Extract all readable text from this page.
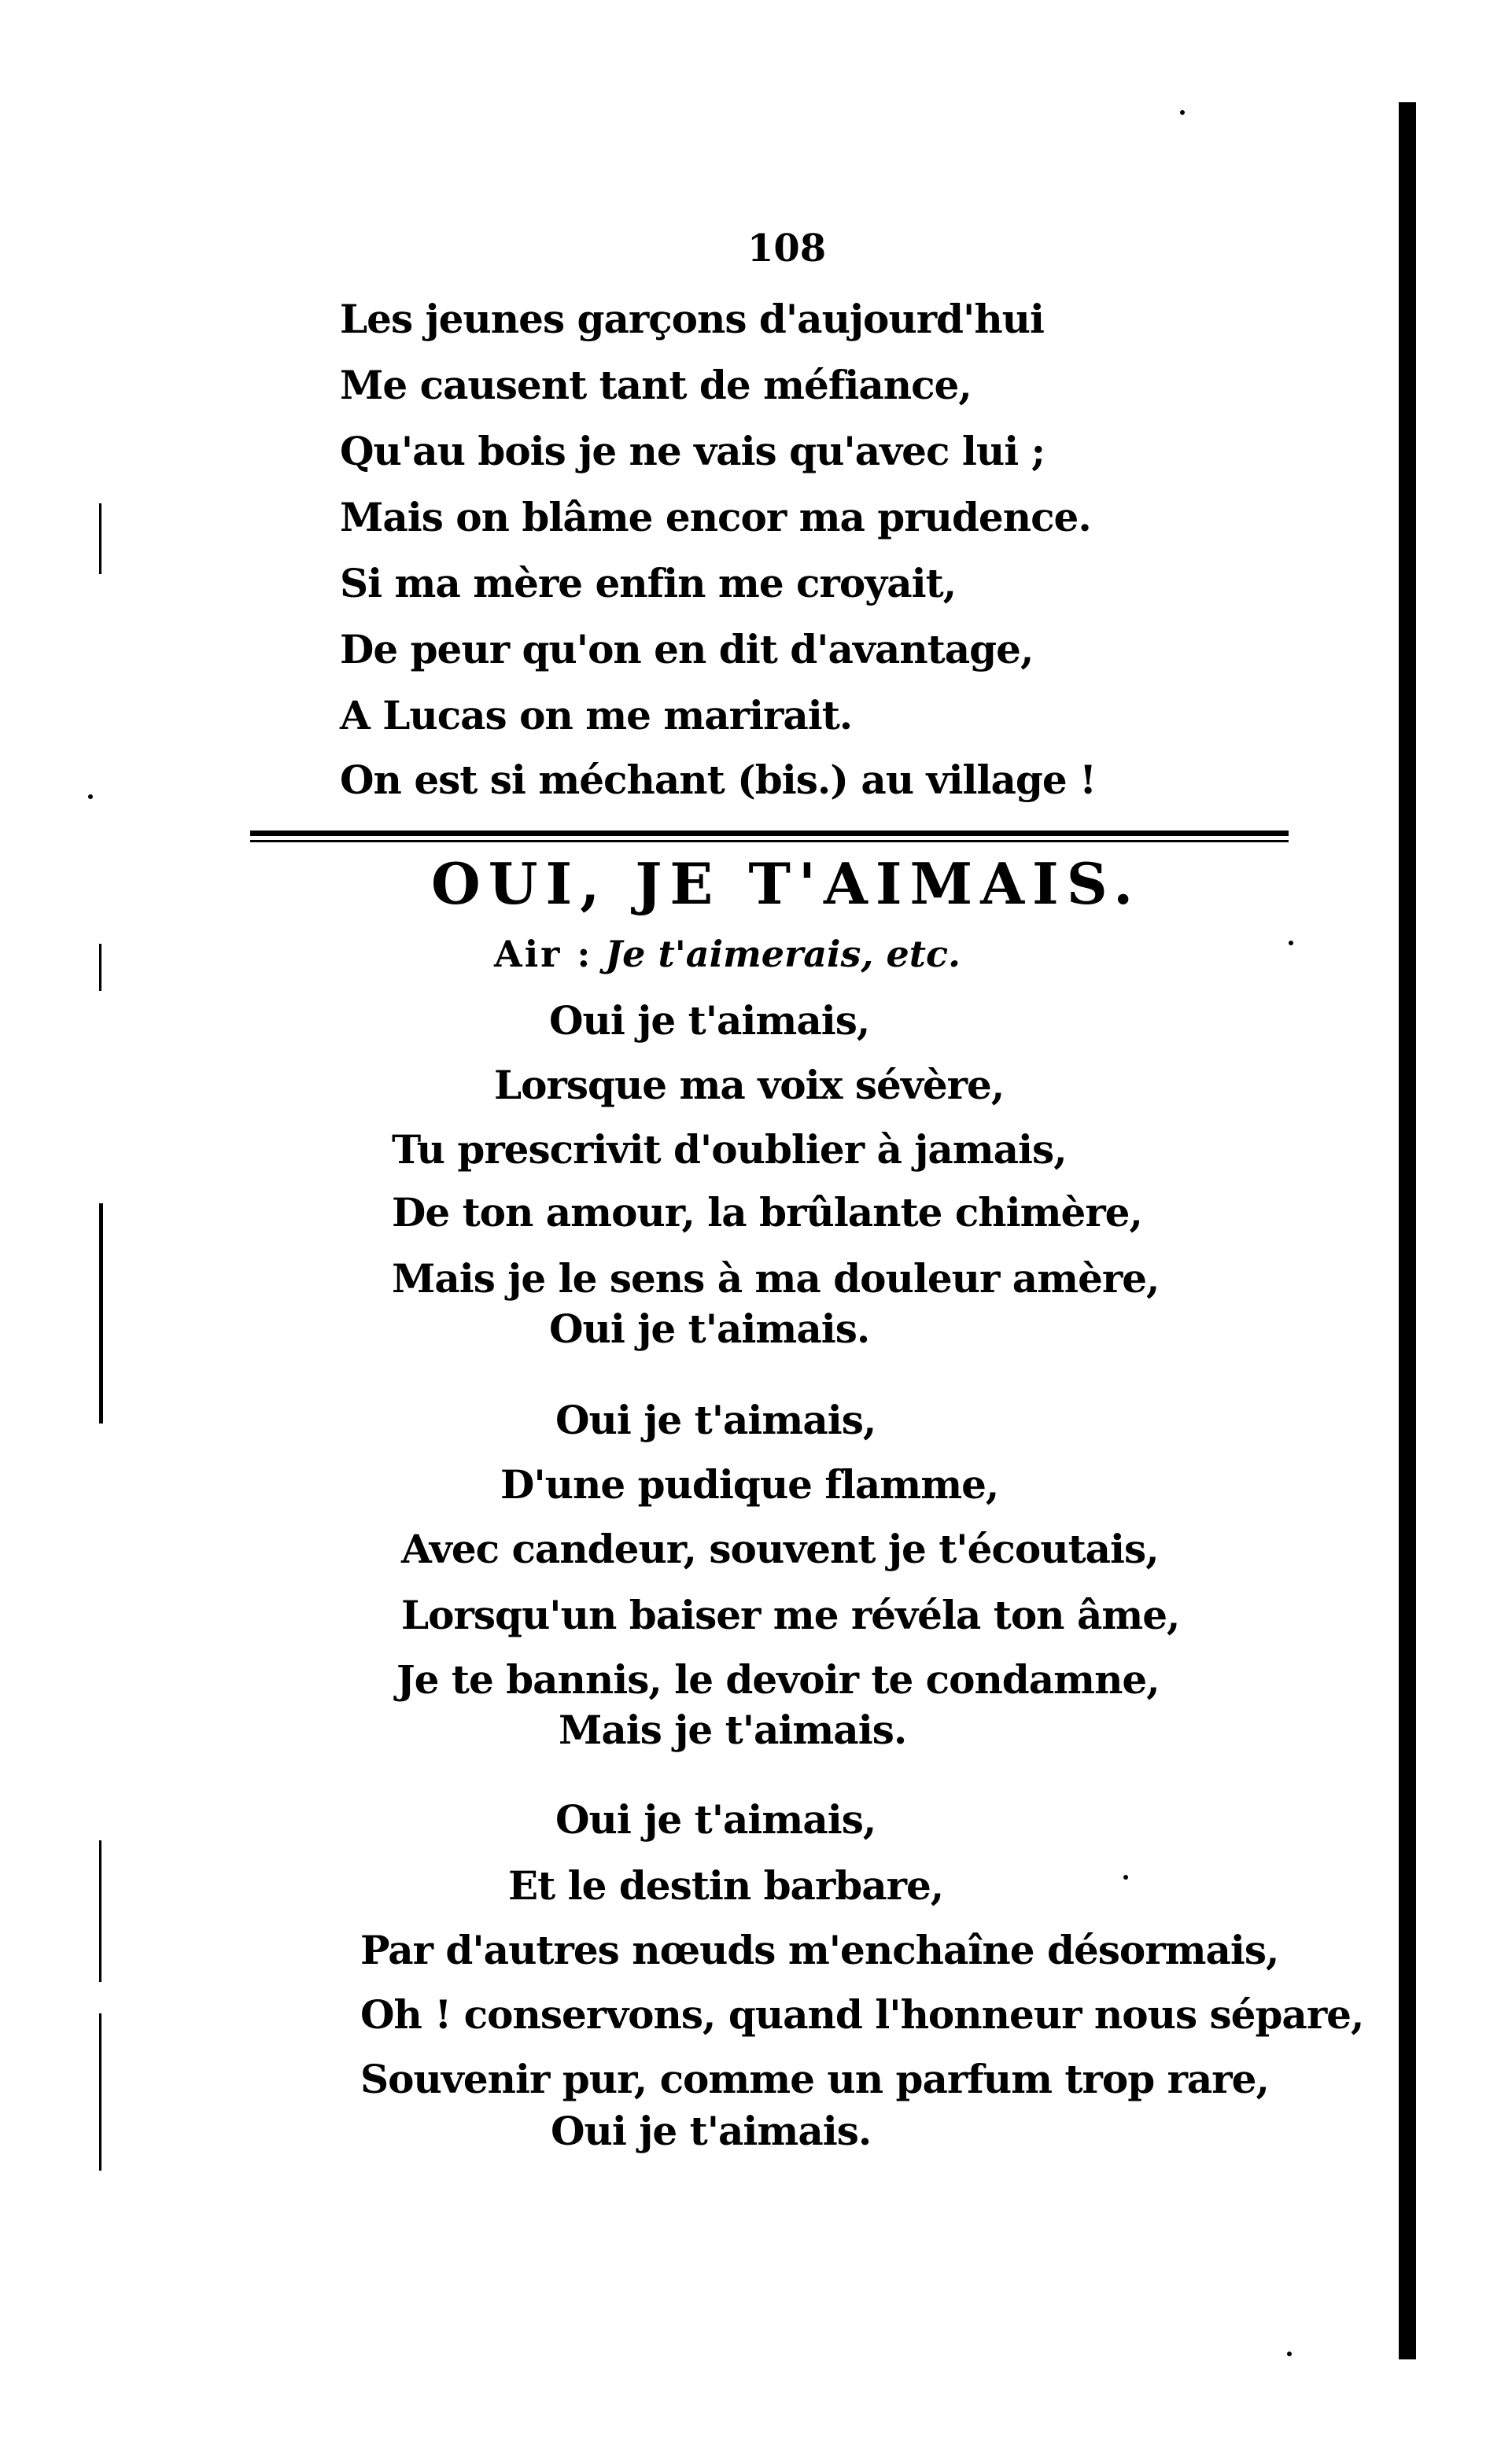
108
Les jeunes garçons d'aujourd'hui
Me causent tant de méfiance,
Qu'au bois je ne vais qu'avec lui ;
Mais on blâme encor ma prudence.
Si ma mère enfin me croyait,
De peur qu'on en dit d'avantage,
A Lucas on me marirait.
On est si méchant (bis.) au village !
OUI, JE T'AIMAIS.
Air : Je t'aimerais, etc.
Oui je t'aimais,
Lorsque ma voix sévère,
Tu prescrivit d'oublier à jamais,
De ton amour, la brûlante chimère,
Mais je le sens à ma douleur amère,
Oui je t'aimais.
Oui je t'aimais,
D'une pudique flamme,
Avec candeur, souvent je t'écoutais,
Lorsqu'un baiser me révéla ton âme,
Je te bannis, le devoir te condamne,
Mais je t'aimais.
Oui je t'aimais,
Et le destin barbare,
Par d'autres nœuds m'enchaîne désormais,
Oh ! conservons, quand l'honneur nous sépare,
Souvenir pur, comme un parfum trop rare,
Oui je t'aimais.
